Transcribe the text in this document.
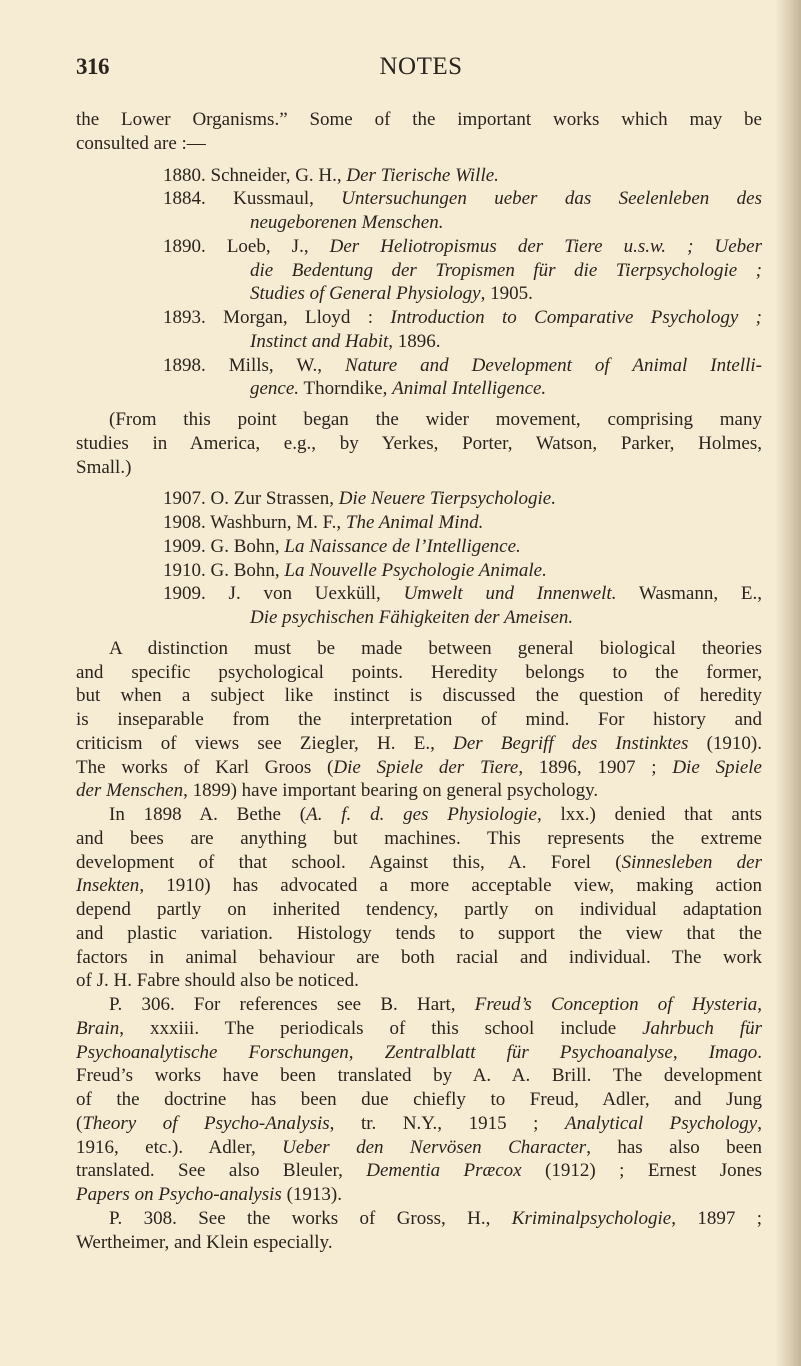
316	NOTES
the Lower Organisms.” Some of the important works which may be
consulted are :—
1880. Schneider, G. H., Der Tierische Wille.
1884. Kussmaul, Untersuchungen ueber das Seelenleben des
neugeborenen Menschen.
1890. Loeb, J., Der Heliotropismus der Tiere u.s.w. ; Ueber
die Bedentung der Tropismen für die Tierpsychologie ;
Studies of General Physiology, 1905.
1893. Morgan, Lloyd : Introduction to Comparative Psychology ;
Instinct and Habit, 1896.
1898. Mills, W., Nature and Development of Animal Intelli-
gence. Thorndike, Animal Intelligence.
(From this point began the wider movement, comprising many
studies in America, e.g., by Yerkes, Porter, Watson, Parker, Holmes,
Small.)
1907. O. Zur Strassen, Die Neuere Tierpsychologie.
1908. Washburn, M. F., The Animal Mind.
1909. G. Bohn, La Naissance de l’Intelligence.
1910. G. Bohn, La Nouvelle Psychologie Animale.
1909. J. von Uexküll, Umwelt und Innenwelt. Wasmann, E.,
Die psychischen Fähigkeiten der Ameisen.
A distinction must be made between general biological theories
and specific psychological points. Heredity belongs to the former,
but when a subject like instinct is discussed the question of heredity
is inseparable from the interpretation of mind. For history and
criticism of views see Ziegler, H. E., Der Begriff des Instinktes (1910).
The works of Karl Groos (Die Spiele der Tiere, 1896, 1907 ; Die Spiele
der Menschen, 1899) have important bearing on general psychology.
In 1898 A. Bethe (A. f. d. ges Physiologie, lxx.) denied that ants
and bees are anything but machines. This represents the extreme
development of that school. Against this, A. Forel (Sinnesleben der
Insekten, 1910) has advocated a more acceptable view, making action
depend partly on inherited tendency, partly on individual adaptation
and plastic variation. Histology tends to support the view that the
factors in animal behaviour are both racial and individual. The work
of J. H. Fabre should also be noticed.
P. 306. For references see B. Hart, Freud’s Conception of Hysteria,
Brain, xxxiii. The periodicals of this school include Jahrbuch für
Psychoanalytische Forschungen, Zentralblatt für Psychoanalyse, Imago.
Freud’s works have been translated by A. A. Brill. The development
of the doctrine has been due chiefly to Freud, Adler, and Jung
(Theory of Psycho-Analysis, tr. N.Y., 1915 ; Analytical Psychology,
1916, etc.). Adler, Ueber den Nervösen Character, has also been
translated. See also Bleuler, Dementia Præcox (1912) ; Ernest Jones
Papers on Psycho-analysis (1913).
P. 308. See the works of Gross, H., Kriminalpsychologie, 1897 ;
Wertheimer, and Klein especially.
